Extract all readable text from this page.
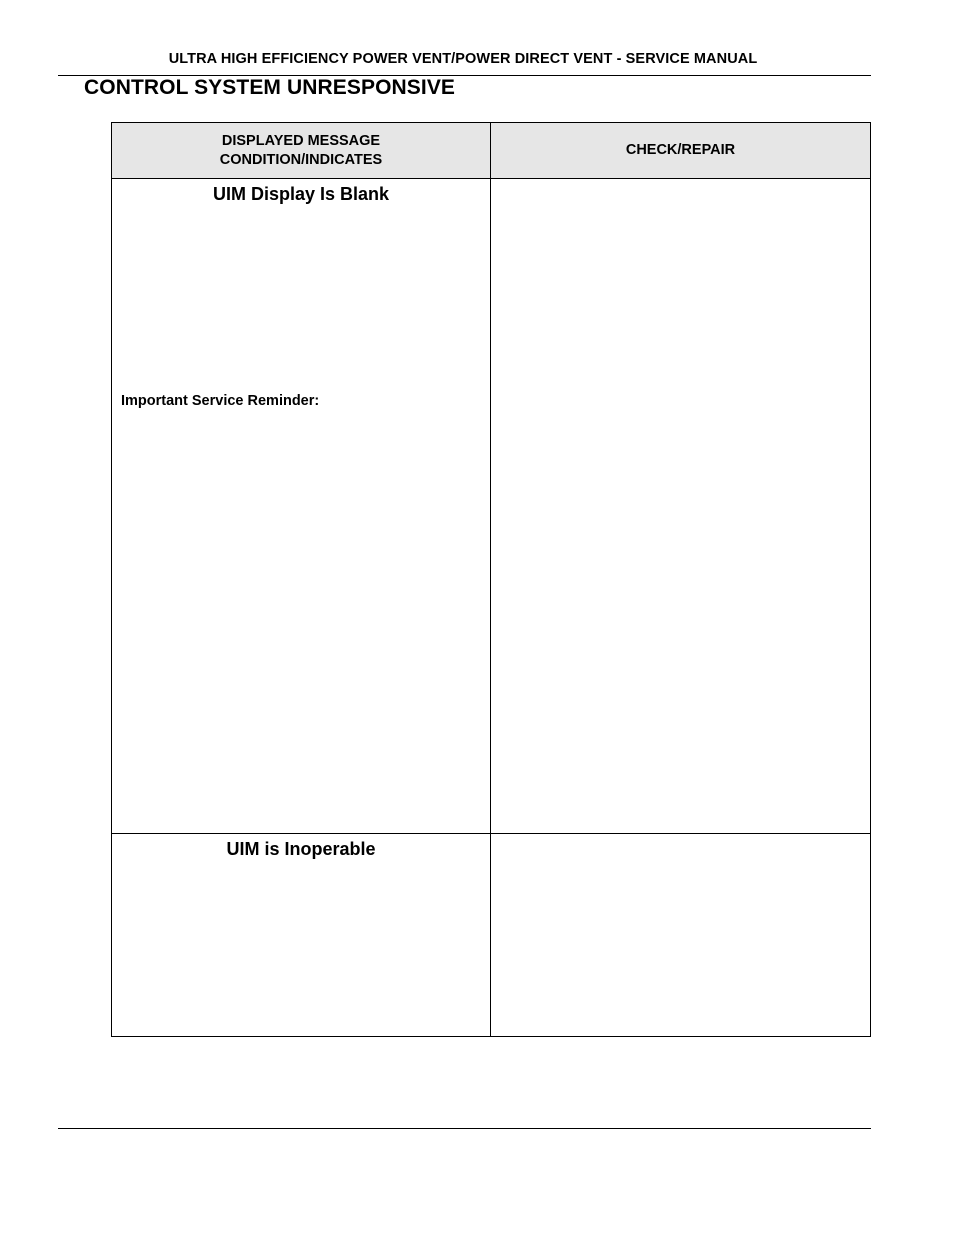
ULTRA HIGH EFFICIENCY POWER VENT/POWER DIRECT VENT - SERVICE MANUAL
CONTROL SYSTEM UNRESPONSIVE
DISPLAYED MESSAGE
CONDITION/INDICATES	CHECK/REPAIR

UIM Display Is Blank
Important Service Reminder:	

UIM is Inoperable	
